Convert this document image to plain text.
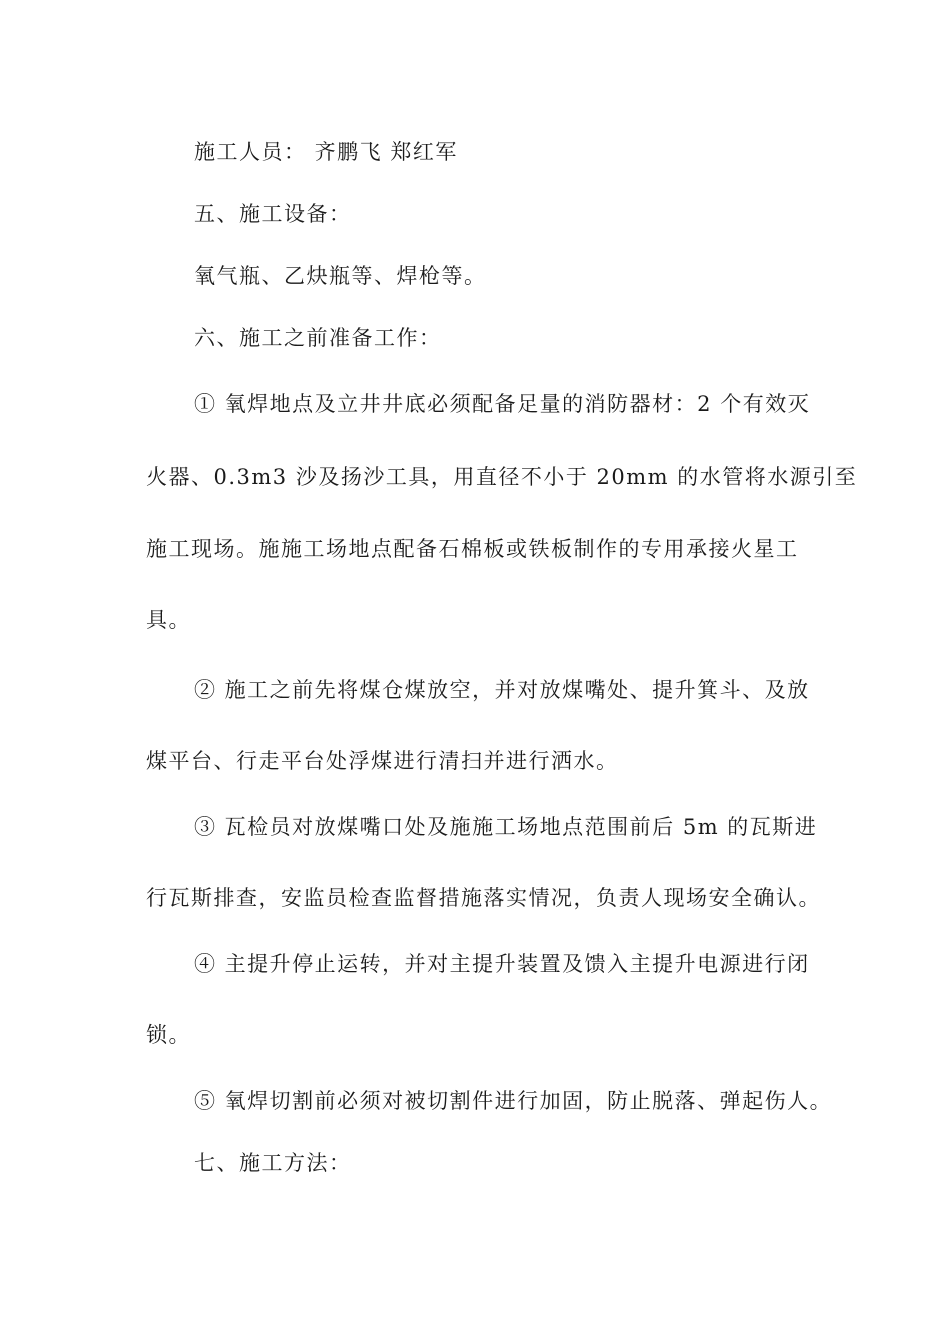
施工人员： 齐鹏飞 郑红军
五、施工设备：
氧气瓶、乙炔瓶等、焊枪等。
六、施工之前准备工作：
① 氧焊地点及立井井底必须配备足量的消防器材：2 个有效灭
火器、0.3m3 沙及扬沙工具，用直径不小于 20mm 的水管将水源引至
施工现场。施施工场地点配备石棉板或铁板制作的专用承接火星工
具。
② 施工之前先将煤仓煤放空，并对放煤嘴处、提升箕斗、及放
煤平台、行走平台处浮煤进行清扫并进行洒水。
③ 瓦检员对放煤嘴口处及施施工场地点范围前后 5m 的瓦斯进
行瓦斯排查，安监员检查监督措施落实情况，负责人现场安全确认。
④ 主提升停止运转，并对主提升装置及馈入主提升电源进行闭
锁。
⑤ 氧焊切割前必须对被切割件进行加固，防止脱落、弹起伤人。
七、施工方法：
